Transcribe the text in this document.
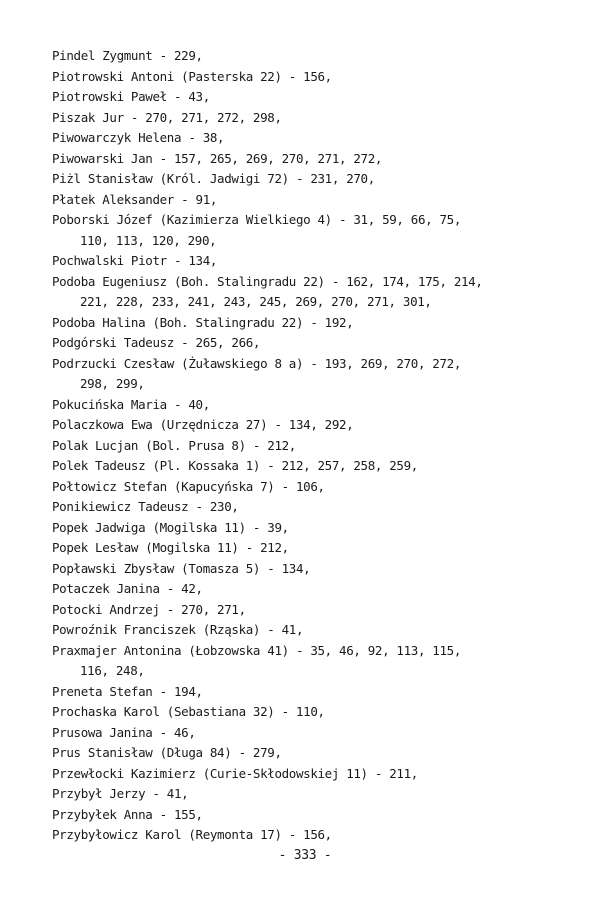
Pindel Zygmunt - 229,
Piotrowski Antoni (Pasterska 22) - 156,
Piotrowski Paweł - 43,
Piszak Jur - 270, 271, 272, 298,
Piwowarczyk Helena - 38,
Piwowarski Jan - 157, 265, 269, 270, 271, 272,
Piżl Stanisław (Król. Jadwigi 72) - 231, 270,
Płatek Aleksander - 91,
Poborski Józef (Kazimierza Wielkiego 4) - 31, 59, 66, 75,
110, 113, 120, 290,
Pochwalski Piotr - 134,
Podoba Eugeniusz (Boh. Stalingradu 22) - 162, 174, 175, 214,
221, 228, 233, 241, 243, 245, 269, 270, 271, 301,
Podoba Halina (Boh. Stalingradu 22) - 192,
Podgórski Tadeusz - 265, 266,
Podrzucki Czesław (Żuławskiego 8 a) - 193, 269, 270, 272,
298, 299,
Pokucińska Maria - 40,
Polaczkowa Ewa (Urzędnicza 27) - 134, 292,
Polak Lucjan (Bol. Prusa 8) - 212,
Polek Tadeusz (Pl. Kossaka 1) - 212, 257, 258, 259,
Połtowicz Stefan (Kapucyńska 7) - 106,
Ponikiewicz Tadeusz - 230,
Popek Jadwiga (Mogilska 11) - 39,
Popek Lesław (Mogilska 11) - 212,
Popławski Zbysław (Tomasza 5) - 134,
Potaczek Janina - 42,
Potocki Andrzej - 270, 271,
Powroźnik Franciszek (Rząska) - 41,
Praxmajer Antonina (Łobzowska 41) - 35, 46, 92, 113, 115,
116, 248,
Preneta Stefan - 194,
Prochaska Karol (Sebastiana 32) - 110,
Prusowa Janina - 46,
Prus Stanisław (Długa 84) - 279,
Przewłocki Kazimierz (Curie-Skłodowskiej 11) - 211,
Przybył Jerzy - 41,
Przybyłek Anna - 155,
Przybyłowicz Karol (Reymonta 17) - 156,
- 333 -
